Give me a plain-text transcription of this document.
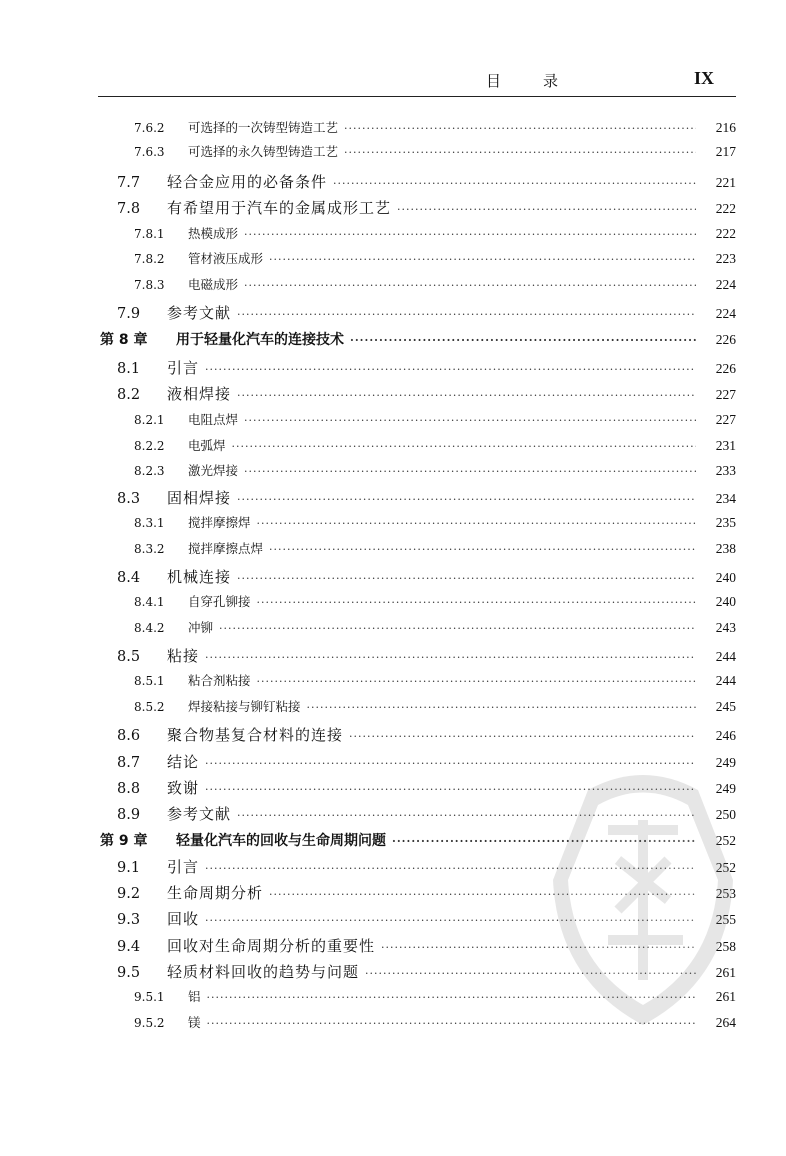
目	录	IX
7.6.2	可选择的一次铸型铸造工艺 ·····	216
7.6.3	可选择的永久铸型铸造工艺 ·····	217
7.7	轻合金应用的必备条件 ·····	221
7.8	有希望用于汽车的金属成形工艺 ·····	222
7.8.1	热模成形 ·····	222
7.8.2	管材液压成形 ·····	223
7.8.3	电磁成形 ·····	224
7.9	参考文献 ·····	224
第 8 章	用于轻量化汽车的连接技术 ·····	226
8.1	引言 ·····	226
8.2	液相焊接 ·····	227
8.2.1	电阻点焊 ·····	227
8.2.2	电弧焊 ·····	231
8.2.3	激光焊接 ·····	233
8.3	固相焊接 ·····	234
8.3.1	搅拌摩擦焊 ·····	235
8.3.2	搅拌摩擦点焊 ·····	238
8.4	机械连接 ·····	240
8.4.1	自穿孔铆接 ·····	240
8.4.2	冲铆 ·····	243
8.5	粘接 ·····	244
8.5.1	粘合剂粘接 ·····	244
8.5.2	焊接粘接与铆钉粘接 ·····	245
8.6	聚合物基复合材料的连接 ·····	246
8.7	结论 ·····	249
8.8	致谢 ·····	249
8.9	参考文献 ·····	250
第 9 章	轻量化汽车的回收与生命周期问题 ·····	252
9.1	引言 ·····	252
9.2	生命周期分析 ·····	253
9.3	回收 ·····	255
9.4	回收对生命周期分析的重要性 ·····	258
9.5	轻质材料回收的趋势与问题 ·····	261
9.5.1	铝 ·····	261
9.5.2	镁 ·····	264
